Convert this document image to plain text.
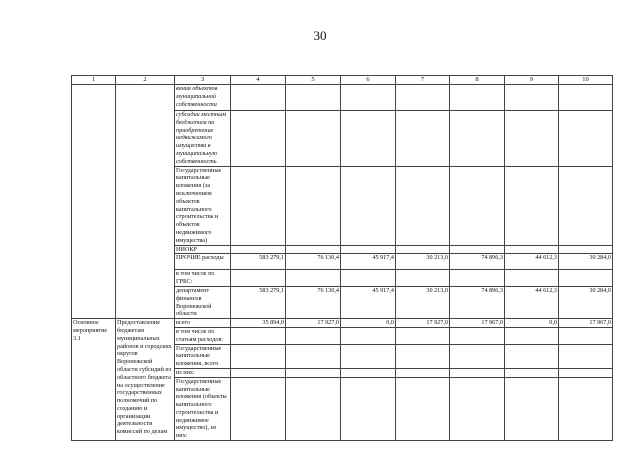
30
1	2	3	4	5	6	7	8	9	10
		вания объектов муниципальной собственности							
		субсидии местным бюджетам на приобретение недвижимого имущества в муниципальную собственность							
		Государственные капитальные вложения (за исключением объектов капитального строительства и объектов недвижимого имущества)							
		НИОКР							
		ПРОЧИЕ расходы	583 279,1	76 130,4	45 917,4	30 213,0	74 896,3	44 612,3	30 284,0
		в том числе по ГРБС:							
		департамент финансов Воронежской области	583 279,1	76 130,4	45 917,4	30 213,0	74 896,3	44 612,3	30 284,0
Основное мероприятие 3.1	Предоставление бюджетам муниципальных районов и городских округов Воронежской области субсидий из областного бюджета на осуществление государственных полномочий по созданию и организации деятельности комиссий по делам	всего	35 894,0	17 927,0	0,0	17 927,0	17 967,0	0,0	17 967,0
		в том числе по статьям расходов:							
		Государственные капитальные вложения, всего							
		из них:							
		Государственные капитальные вложения (объекты капитального строительства и недвижимое имущество), из них:							
